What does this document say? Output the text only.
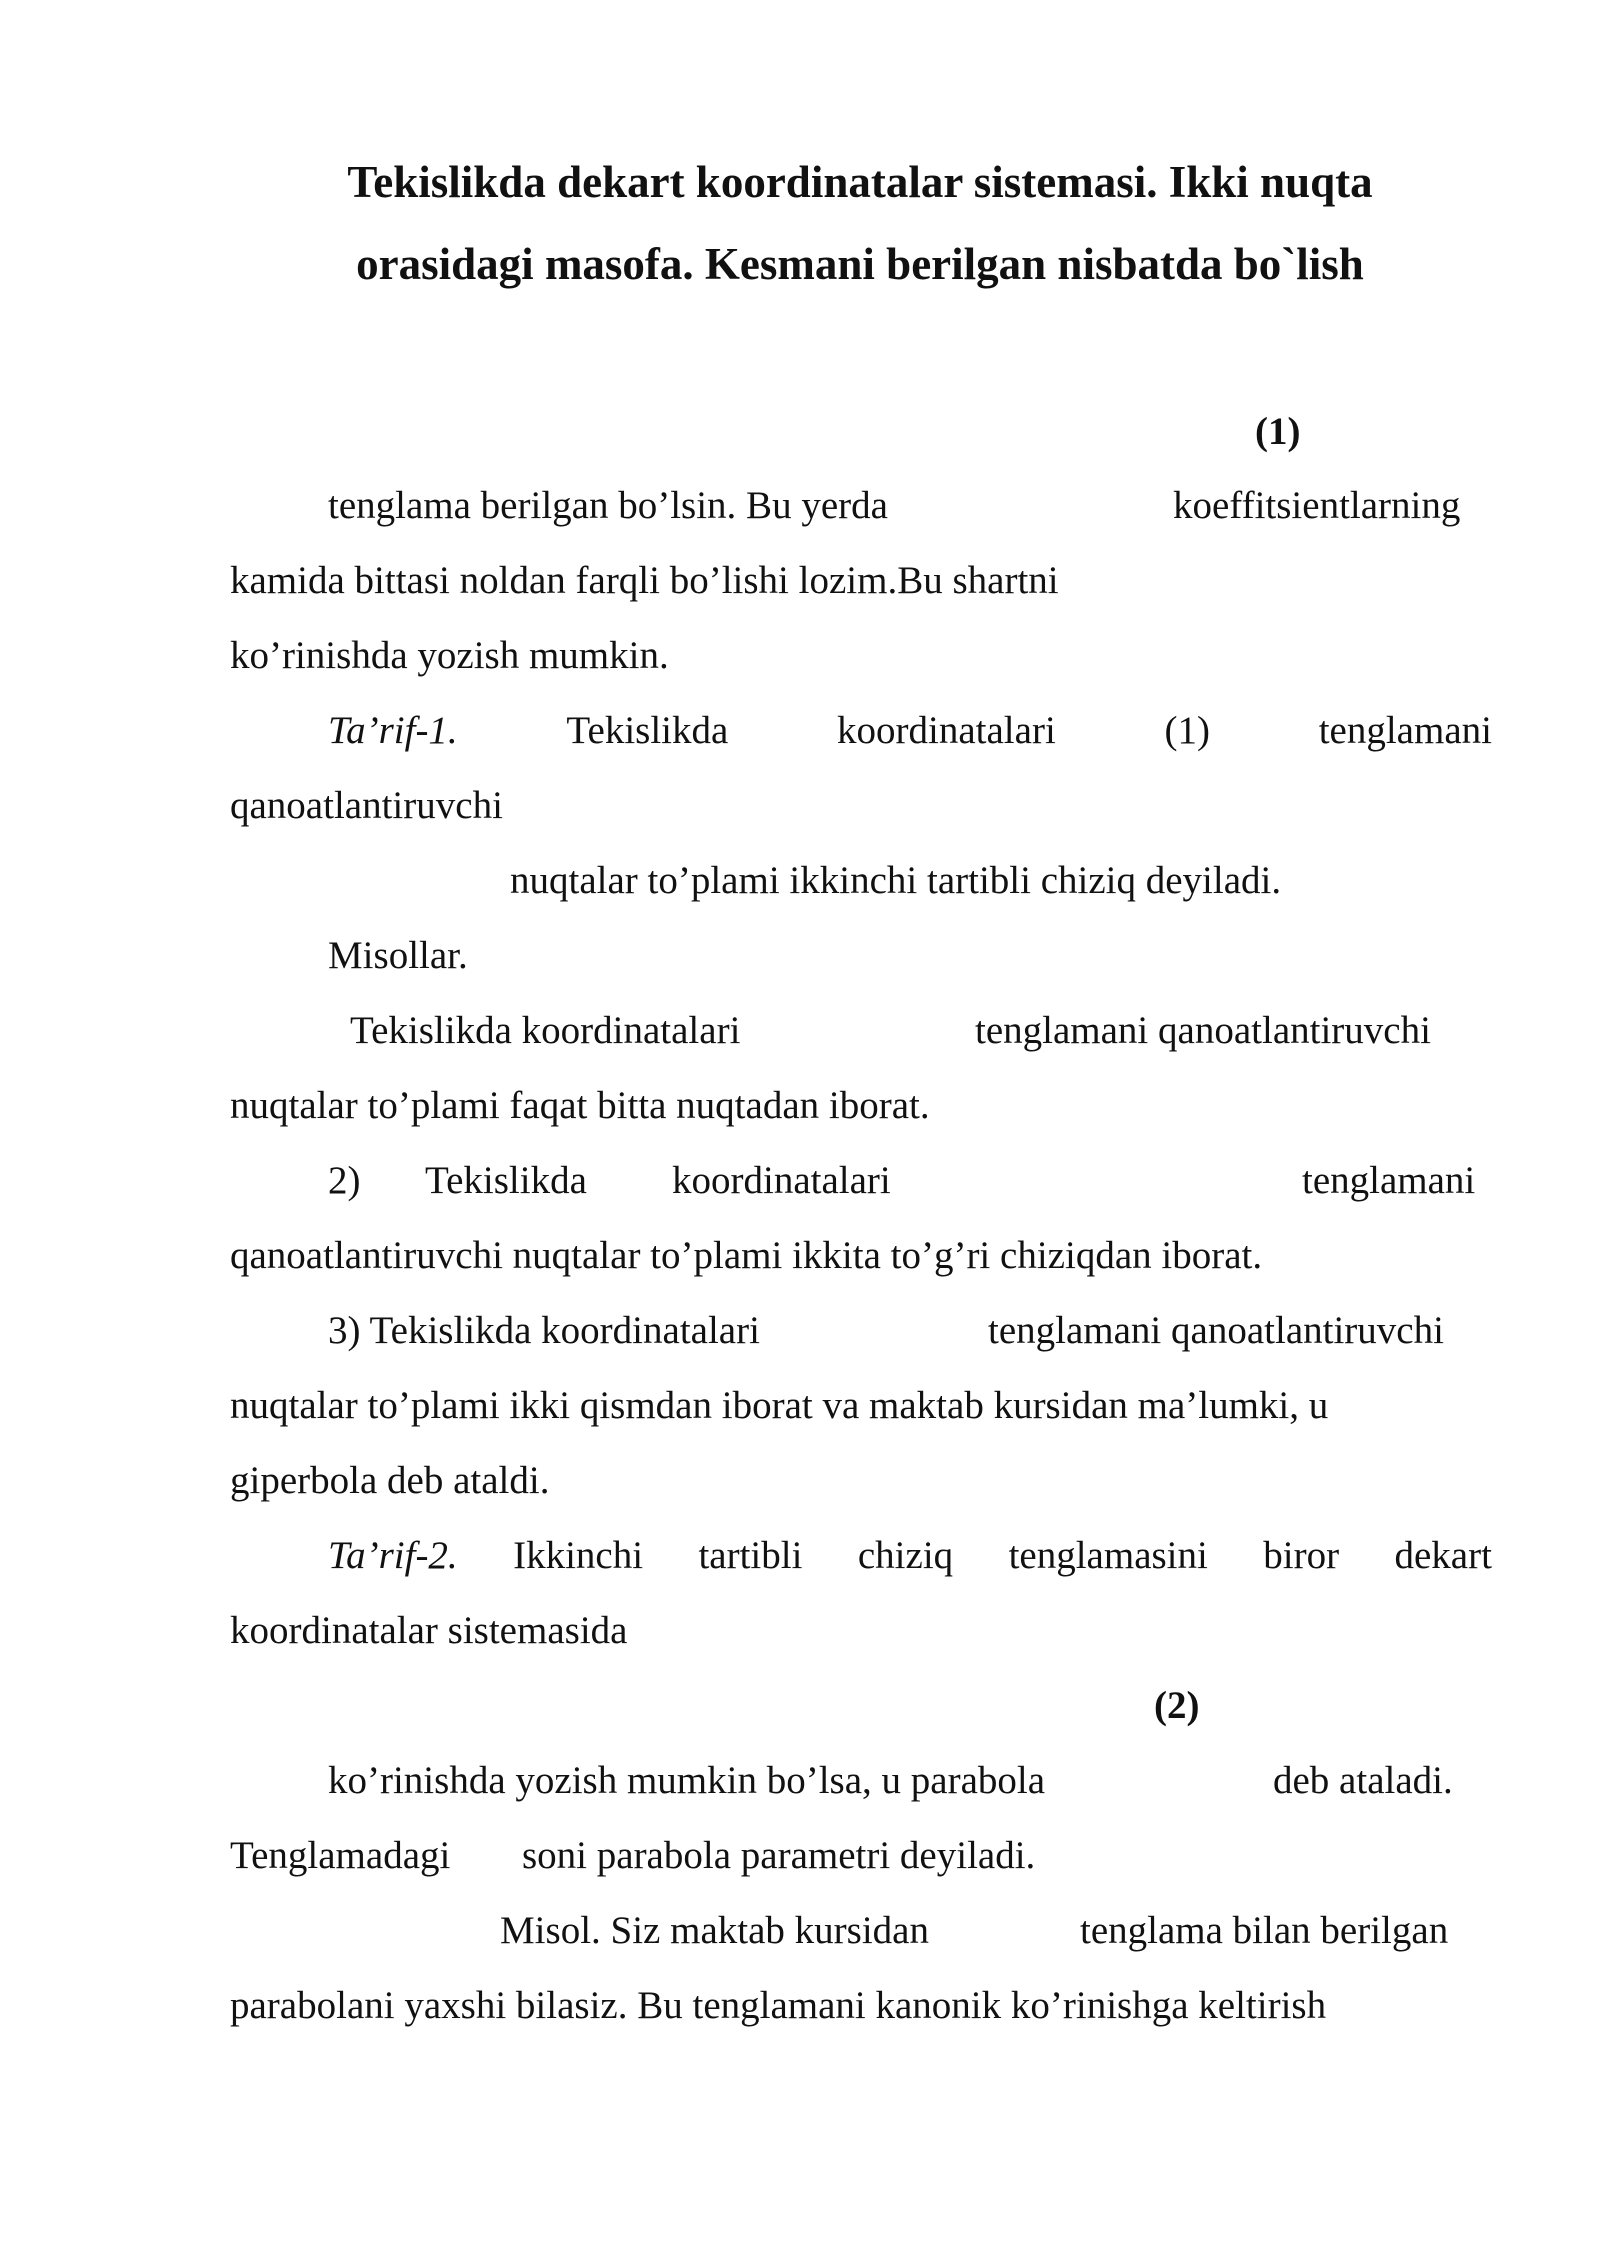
Tekislikda dekart koordinatalar sistemasi. Ikki nuqta
orasidagi masofa. Kesmani berilgan nisbatda bo`lish
(1)
tenglama berilgan bo’lsin. Bu yerda	koeffitsientlarning
kamida bittasi noldan farqli bo’lishi lozim.Bu shartni
ko’rinishda yozish mumkin.
Ta’rif-1.	Tekislikda	koordinatalari	(1)	tenglamani
qanoatlantiruvchi
nuqtalar to’plami ikkinchi tartibli chiziq deyiladi.
Misollar.
Tekislikda koordinatalari	tenglamani qanoatlantiruvchi
nuqtalar to’plami faqat bitta nuqtadan iborat.
2) Tekislikda koordinatalari	tenglamani
qanoatlantiruvchi nuqtalar to’plami ikkita to’g’ri chiziqdan iborat.
3) Tekislikda koordinatalari	tenglamani qanoatlantiruvchi
nuqtalar to’plami ikki qismdan iborat va maktab kursidan ma’lumki, u
giperbola deb ataldi.
Ta’rif-2. Ikkinchi tartibli chiziq tenglamasini biror dekart
koordinatalar sistemasida
(2)
ko’rinishda yozish mumkin bo’lsa, u parabola	deb ataladi.
Tenglamadagi soni parabola parametri deyiladi.
Misol. Siz maktab kursidan	tenglama bilan berilgan
parabolani yaxshi bilasiz. Bu tenglamani kanonik ko’rinishga keltirish
